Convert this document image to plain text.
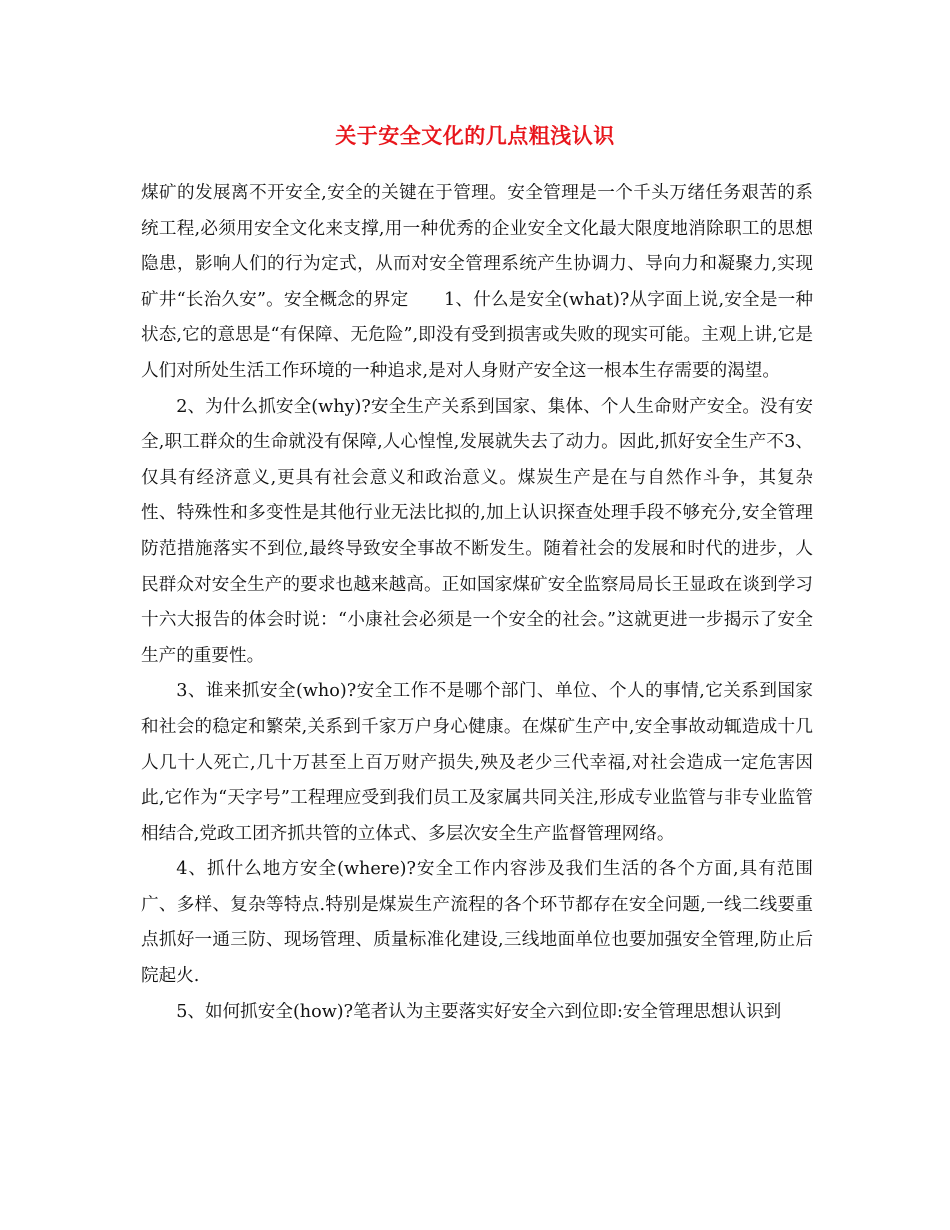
关于安全文化的几点粗浅认识

煤矿的发展离不开安全,安全的关键在于管理。安全管理是一个千头万绪任务艰苦的系统工程,必须用安全文化来支撑,用一种优秀的企业安全文化最大限度地消除职工的思想隐患，影响人们的行为定式，从而对安全管理系统产生协调力、导向力和凝聚力,实现矿井“长治久安”。安全概念的界定　　1、什么是安全(what)?从字面上说,安全是一种状态,它的意思是“有保障、无危险”,即没有受到损害或失败的现实可能。主观上讲,它是人们对所处生活工作环境的一种追求,是对人身财产安全这一根本生存需要的渴望。

2、为什么抓安全(why)?安全生产关系到国家、集体、个人生命财产安全。没有安全,职工群众的生命就没有保障,人心惶惶,发展就失去了动力。因此,抓好安全生产不3、仅具有经济意义,更具有社会意义和政治意义。煤炭生产是在与自然作斗争，其复杂性、特殊性和多变性是其他行业无法比拟的,加上认识探查处理手段不够充分,安全管理防范措施落实不到位,最终导致安全事故不断发生。随着社会的发展和时代的进步，人民群众对安全生产的要求也越来越高。正如国家煤矿安全监察局局长王显政在谈到学习十六大报告的体会时说：“小康社会必须是一个安全的社会。”这就更进一步揭示了安全生产的重要性。

3、谁来抓安全(who)?安全工作不是哪个部门、单位、个人的事情,它关系到国家和社会的稳定和繁荣,关系到千家万户身心健康。在煤矿生产中,安全事故动辄造成十几人几十人死亡,几十万甚至上百万财产损失,殃及老少三代幸福,对社会造成一定危害因此,它作为“天字号”工程理应受到我们员工及家属共同关注,形成专业监管与非专业监管相结合,党政工团齐抓共管的立体式、多层次安全生产监督管理网络。

4、抓什么地方安全(where)?安全工作内容涉及我们生活的各个方面,具有范围广、多样、复杂等特点.特别是煤炭生产流程的各个环节都存在安全问题,一线二线要重点抓好一通三防、现场管理、质量标准化建设,三线地面单位也要加强安全管理,防止后院起火.

5、如何抓安全(how)?笔者认为主要落实好安全六到位即:安全管理思想认识到
